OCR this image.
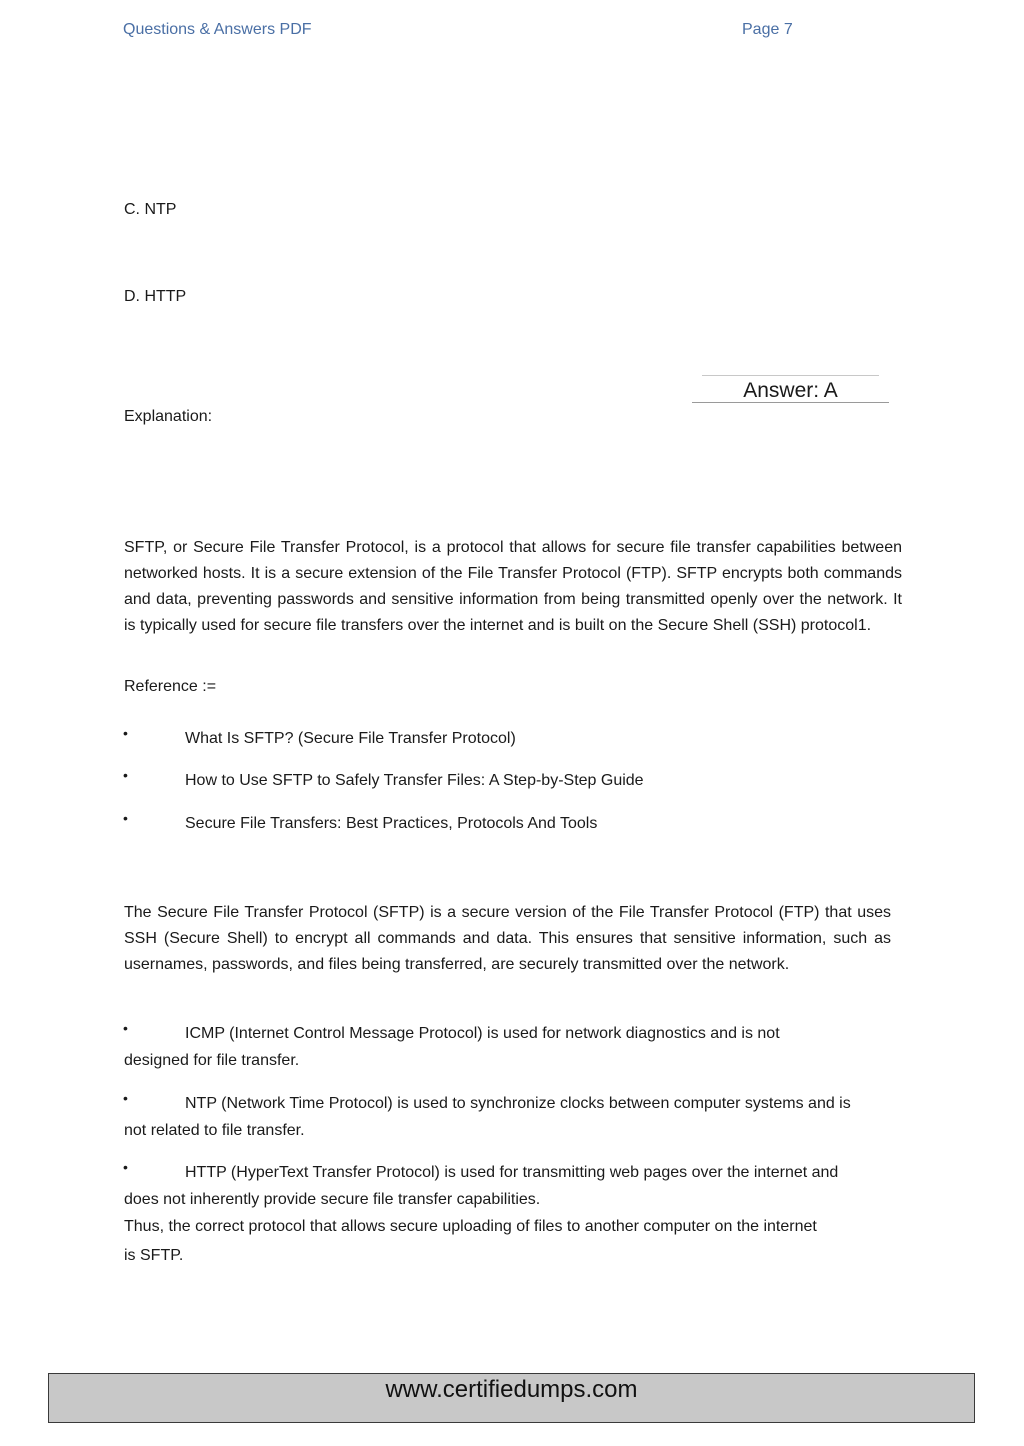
Questions & Answers PDF	Page 7
C. NTP
D. HTTP
Answer: A
Explanation:
SFTP, or Secure File Transfer Protocol, is a protocol that allows for secure file transfer capabilities between networked hosts. It is a secure extension of the File Transfer Protocol (FTP). SFTP encrypts both commands and data, preventing passwords and sensitive information from being transmitted openly over the network. It is typically used for secure file transfers over the internet and is built on the Secure Shell (SSH) protocol1.
Reference :=
•	What Is SFTP? (Secure File Transfer Protocol)
•	How to Use SFTP to Safely Transfer Files: A Step-by-Step Guide
•	Secure File Transfers: Best Practices, Protocols And Tools
The Secure File Transfer Protocol (SFTP) is a secure version of the File Transfer Protocol (FTP) that uses SSH (Secure Shell) to encrypt all commands and data. This ensures that sensitive information, such as usernames, passwords, and files being transferred, are securely transmitted over the network.
•	ICMP (Internet Control Message Protocol) is used for network diagnostics and is not
designed for file transfer.
•	NTP (Network Time Protocol) is used to synchronize clocks between computer systems and is
not related to file transfer.
•	HTTP (HyperText Transfer Protocol) is used for transmitting web pages over the internet and
does not inherently provide secure file transfer capabilities.
Thus, the correct protocol that allows secure uploading of files to another computer on the internet
is SFTP.
www.certifiedumps.com
